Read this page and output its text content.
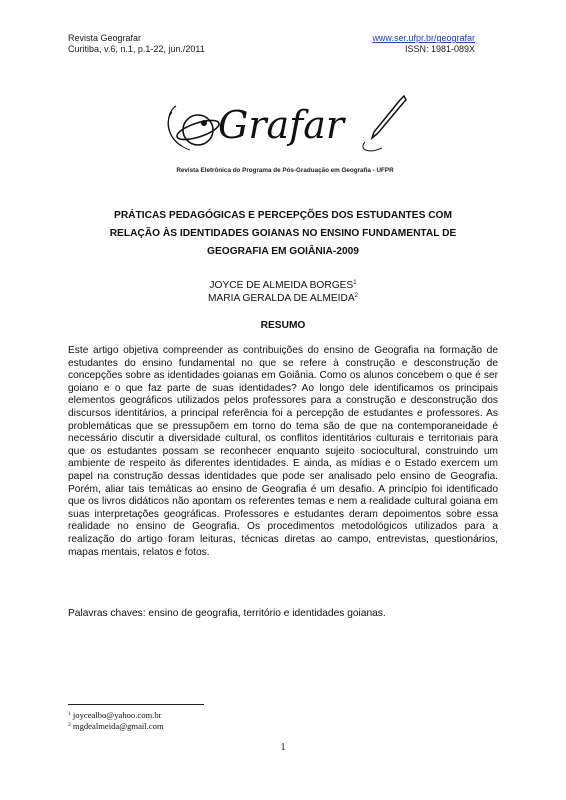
Revista Geografar
Curitiba, v.6, n.1, p.1-22, jun./2011
www.ser.ufpr.br/geografar
ISSN: 1981-089X
Grafar
Revista Eletrônica do Programa de Pós-Graduação em Geografia - UFPR
PRÁTICAS PEDAGÓGICAS E PERCEPÇÕES DOS ESTUDANTES COM
RELAÇÃO ÀS IDENTIDADES GOIANAS NO ENSINO FUNDAMENTAL DE
GEOGRAFIA EM GOIÂNIA-2009
JOYCE DE ALMEIDA BORGES$^1$
MARIA GERALDA DE ALMEIDA$^2$
RESUMO

Este artigo objetiva compreender as contribuições do ensino de Geografia na formação de estudantes do ensino fundamental no que se refere à construção e desconstrução de concepções sobre as identidades goianas em Goiânia. Como os alunos concebem o que é ser goiano e o que faz parte de suas identidades? Ao longo dele identificamos os principais elementos geográficos utilizados pelos professores para a construção e desconstrução dos discursos identitários, a principal referência foi a percepção de estudantes e professores. As problemáticas que se pressupõem em torno do tema são de que na contemporaneidade é necessário discutir a diversidade cultural, os conflitos identitários culturais e territoriais para que os estudantes possam se reconhecer enquanto sujeito sociocultural, construindo um ambiente de respeito às diferentes identidades. E ainda, as mídias e o Estado exercem um papel na construção dessas identidades que pode ser analisado pelo ensino de Geografia. Porém, aliar tais temáticas ao ensino de Geografia é um desafio. A princípio foi identificado que os livros didáticos não apontam os referentes temas e nem a realidade cultural goiana em suas interpretações geográficas. Professores e estudantes deram depoimentos sobre essa realidade no ensino de Geografia. Os procedimentos metodológicos utilizados para a realização do artigo foram leituras, técnicas diretas ao campo, entrevistas, questionários, mapas mentais, relatos e fotos.

Palavras chaves: ensino de geografia, território e identidades goianas.

$^1$ joycealbo@yahoo.com.br
$^2$ mgdealmeida@gmail.com
1
